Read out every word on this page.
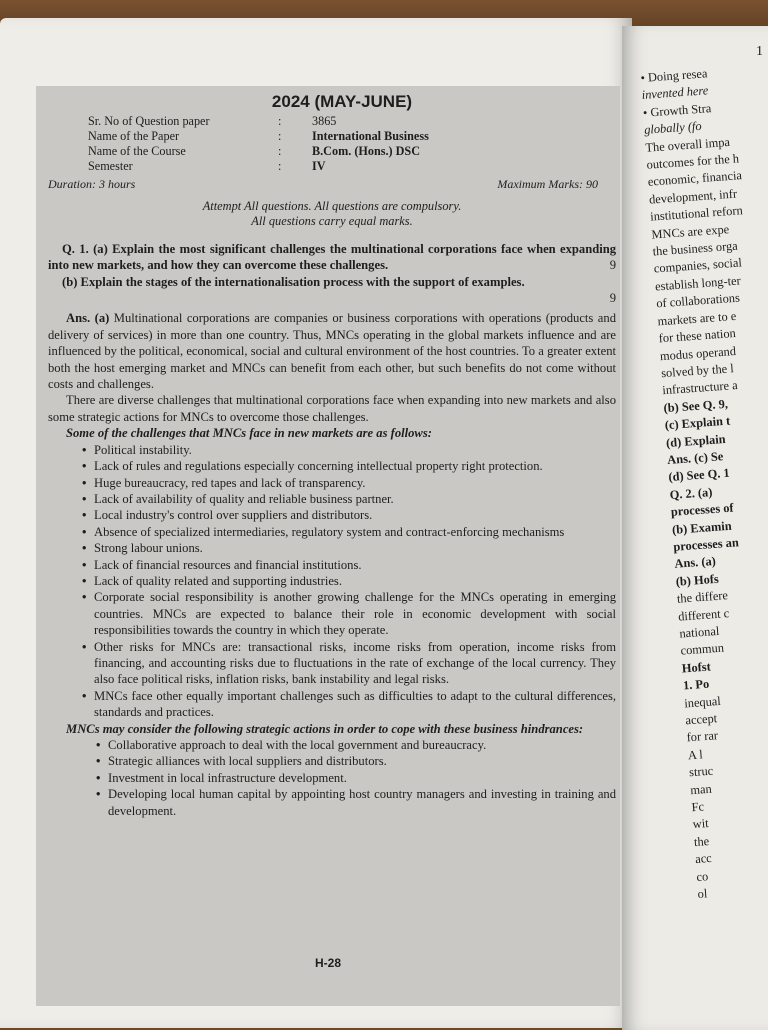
H-28
2024 (MAY-JUNE)
Sr. No of Question paper	:	3865
Name of the Paper	:	International Business
Name of the Course	:	B.Com. (Hons.) DSC
Semester	:	IV
Duration: 3 hours	Maximum Marks: 90
Attempt All questions. All questions are compulsory.
All questions carry equal marks.

Q. 1. (a) Explain the most significant challenges the multinational corporations face when expanding into new markets, and how they can overcome these challenges.	9

(b) Explain the stages of the internationalisation process with the support of examples.

9

Ans. (a) Multinational corporations are companies or business corporations with operations (products and delivery of services) in more than one country. Thus, MNCs operating in the global markets influence and are influenced by the political, economical, social and cultural environment of the host countries. To a greater extent both the host emerging market and MNCs can benefit from each other, but such benefits do not come without costs and challenges.

There are diverse challenges that multinational corporations face when expanding into new markets and also some strategic actions for MNCs to overcome those challenges.

Some of the challenges that MNCs face in new markets are as follows:
• Political instability.
• Lack of rules and regulations especially concerning intellectual property right protection.
• Huge bureaucracy, red tapes and lack of transparency.
• Lack of availability of quality and reliable business partner.
• Local industry's control over suppliers and distributors.
• Absence of specialized intermediaries, regulatory system and contract-enforcing mechanisms
• Strong labour unions.
• Lack of financial resources and financial institutions.
• Lack of quality related and supporting industries.
• Corporate social responsibility is another growing challenge for the MNCs operating in emerging countries. MNCs are expected to balance their role in economic development with social responsibilities towards the country in which they operate.
• Other risks for MNCs are: transactional risks, income risks from operation, income risks from financing, and accounting risks due to fluctuations in the rate of exchange of the local currency. They also face political risks, inflation risks, bank instability and legal risks.
• MNCs face other equally important challenges such as difficulties to adapt to the cultural differences, standards and practices.
MNCs may consider the following strategic actions in order to cope with these business hindrances:
• Collaborative approach to deal with the local government and bureaucracy.
• Strategic alliances with local suppliers and distributors.
• Investment in local infrastructure development.
• Developing local human capital by appointing host country managers and investing in training and development.
1
• Doing resea
invented here
• Growth Stra
globally (fo
The overall impa
outcomes for the h
economic, financia
development, infr
institutional reforn
MNCs are expe
the business orga
companies, social
establish long-ter
of collaborations
markets are to e
for these nation
modus operand
solved by the l
infrastructure a
(b) See Q. 9,
(c) Explain t
(d) Explain
Ans. (c) Se
(d) See Q. 1
Q. 2. (a)
processes of
(b) Examin
processes an
Ans. (a)
(b) Hofs
the differe
different c
national
commun
Hofst
1. Po
inequal
accept
for rar
A l
struc
man
Fc
wit
the
acc
co
ol
